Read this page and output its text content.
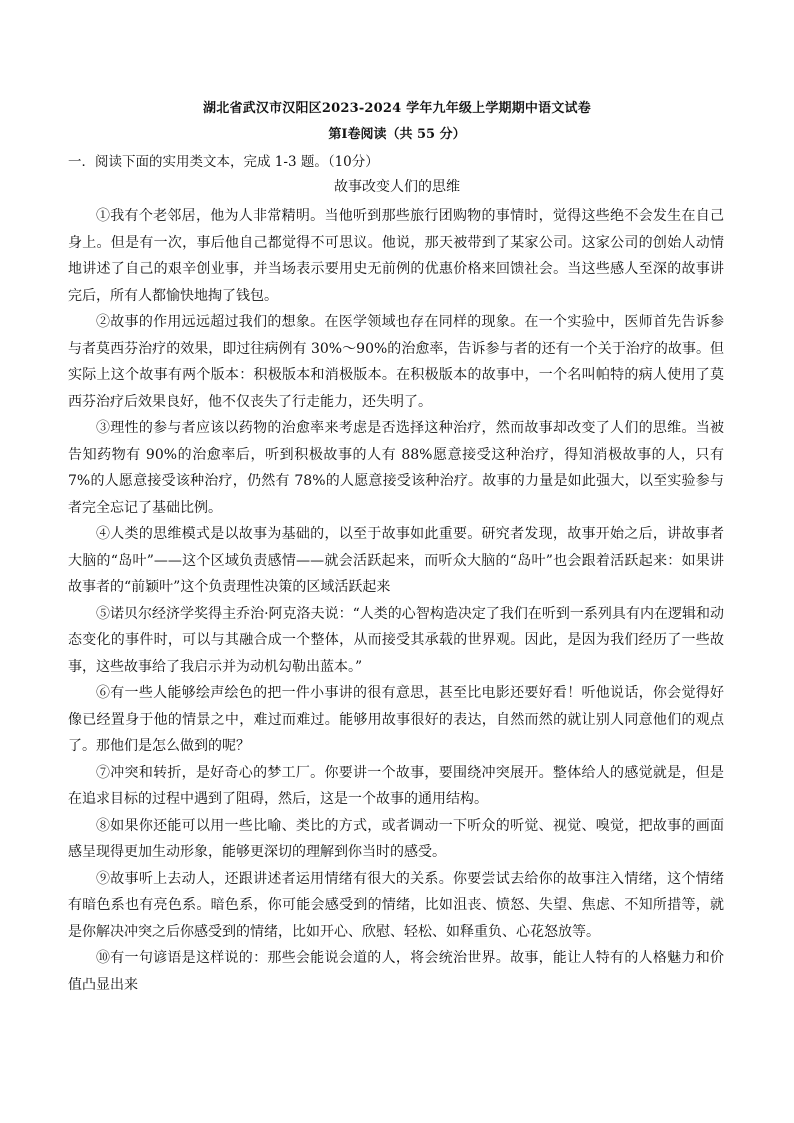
湖北省武汉市汉阳区2023-2024 学年九年级上学期期中语文试卷
第Ⅰ卷阅读（共 55 分）
一．阅读下面的实用类文本，完成 1-3 题。（10分）
故事改变人们的思维

①我有个老邻居，他为人非常精明。当他听到那些旅行团购物的事情时，觉得这些绝不会发生在自己身上。但是有一次，事后他自己都觉得不可思议。他说，那天被带到了某家公司。这家公司的创始人动情地讲述了自己的艰辛创业事，并当场表示要用史无前例的优惠价格来回馈社会。当这些感人至深的故事讲完后，所有人都愉快地掏了钱包。

②故事的作用远远超过我们的想象。在医学领域也存在同样的现象。在一个实验中，医师首先告诉参与者莫西芬治疗的效果，即过往病例有 30%～90%的治愈率，告诉参与者的还有一个关于治疗的故事。但实际上这个故事有两个版本：积极版本和消极版本。在积极版本的故事中，一个名叫帕特的病人使用了莫西芬治疗后效果良好，他不仅丧失了行走能力，还失明了。

③理性的参与者应该以药物的治愈率来考虑是否选择这种治疗，然而故事却改变了人们的思维。当被告知药物有 90%的治愈率后，听到积极故事的人有 88%愿意接受这种治疗，得知消极故事的人，只有 7%的人愿意接受该种治疗，仍然有 78%的人愿意接受该种治疗。故事的力量是如此强大，以至实验参与者完全忘记了基础比例。

④人类的思维模式是以故事为基础的，以至于故事如此重要。研究者发现，故事开始之后，讲故事者大脑的“岛叶”——这个区域负责感情——就会活跃起来，而听众大脑的“岛叶”也会跟着活跃起来：如果讲故事者的“前颖叶”这个负责理性决策的区域活跃起来

⑤诺贝尔经济学奖得主乔治·阿克洛夫说：“人类的心智构造决定了我们在听到一系列具有内在逻辑和动态变化的事件时，可以与其融合成一个整体，从而接受其承载的世界观。因此，是因为我们经历了一些故事，这些故事给了我启示并为动机勾勒出蓝本。”

⑥有一些人能够绘声绘色的把一件小事讲的很有意思，甚至比电影还要好看！听他说话，你会觉得好像已经置身于他的情景之中，难过而难过。能够用故事很好的表达，自然而然的就让别人同意他们的观点了。那他们是怎么做到的呢？

⑦冲突和转折，是好奇心的梦工厂。你要讲一个故事，要围绕冲突展开。整体给人的感觉就是，但是在追求目标的过程中遇到了阻碍，然后，这是一个故事的通用结构。

⑧如果你还能可以用一些比喻、类比的方式，或者调动一下听众的听觉、视觉、嗅觉，把故事的画面感呈现得更加生动形象，能够更深切的理解到你当时的感受。

⑨故事听上去动人，还跟讲述者运用情绪有很大的关系。你要尝试去给你的故事注入情绪，这个情绪有暗色系也有亮色系。暗色系，你可能会感受到的情绪，比如沮丧、愤怒、失望、焦虑、不知所措等，就是你解决冲突之后你感受到的情绪，比如开心、欣慰、轻松、如释重负、心花怒放等。

⑩有一句谚语是这样说的：那些会能说会道的人，将会统治世界。故事，能让人特有的人格魅力和价值凸显出来
